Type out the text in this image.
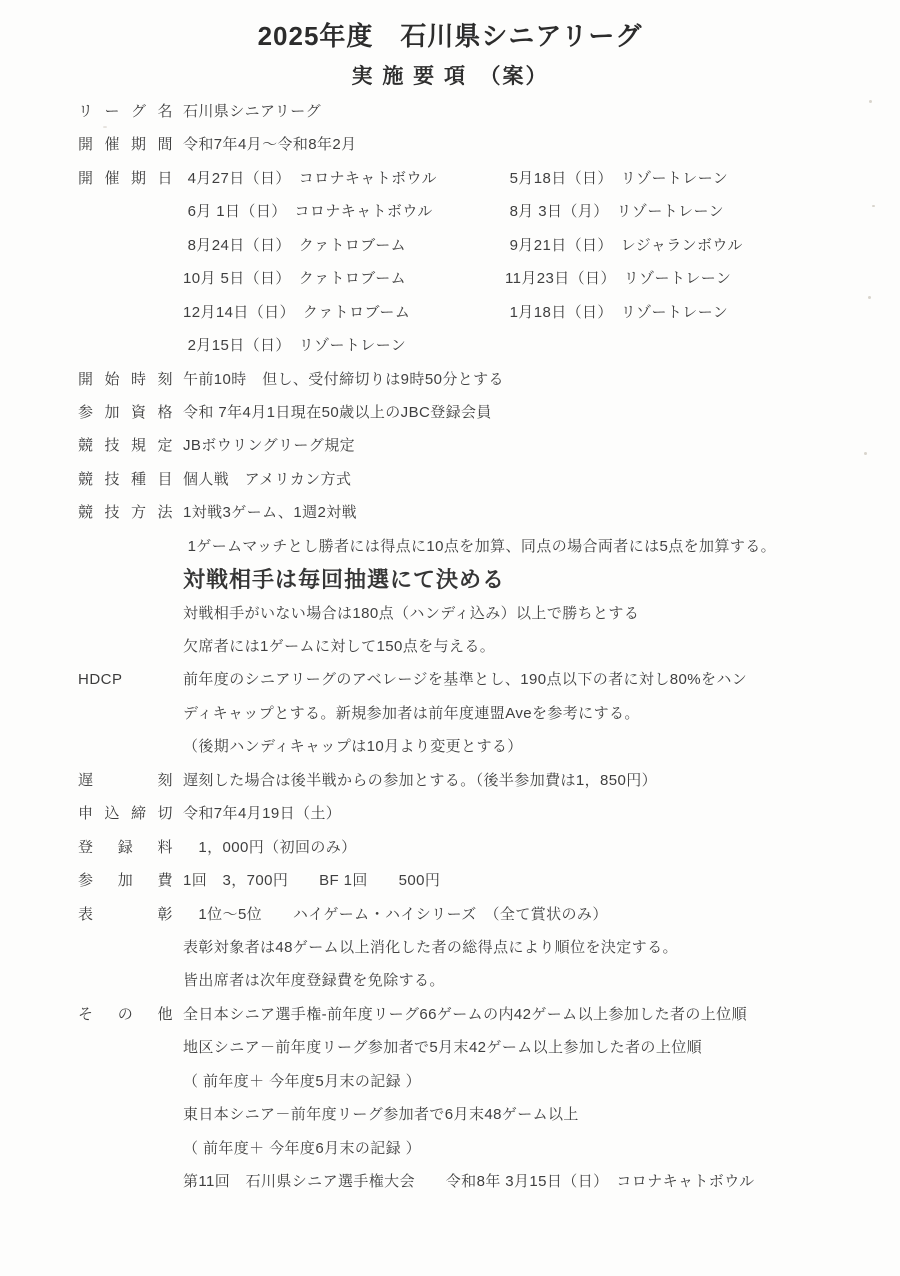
2025年度　石川県シニアリーグ
実 施 要 項　（案）
リーグ名 石川県シニアリーグ
開催期間 令和7年4月～令和8年2月
開催期日 4月27日（日）　コロナキャトボウル	5月18日（日）　リゾートレーン
6月 1日（日）　コロナキャトボウル	8月 3日（月）　リゾートレーン
8月24日（日）　クァトロブーム	9月21日（日）　レジャランボウル
10月 5日（日）　クァトロブーム	11月23日（日）　リゾートレーン
12月14日（日）　クァトロブーム	1月18日（日）　リゾートレーン
2月15日（日）　リゾートレーン
開始時刻 午前10時　但し、受付締切りは9時50分とする
参加資格 令和 7年4月1日現在50歳以上のJBC登録会員
競技規定 JBボウリングリーグ規定
競技種目 個人戦　アメリカン方式
競技方法 1対戦3ゲーム、1週2対戦
1ゲームマッチとし勝者には得点に10点を加算、同点の場合両者には5点を加算する。
対戦相手は毎回抽選にて決める
対戦相手がいない場合は180点（ハンディ込み）以上で勝ちとする
欠席者には1ゲームに対して150点を与える。
HDCP	前年度のシニアリーグのアベレージを基準とし、190点以下の者に対し80%をハン
ディキャップとする。新規参加者は前年度連盟Aveを参考にする。
（後期ハンディキャップは10月より変更とする）
遅刻 遅刻した場合は後半戦からの参加とする。（後半参加費は1，850円）
申込締切 令和7年4月19日（土）
登録料 　1，000円（初回のみ）
参加費 1回　3，700円　　BF 1回　　500円
表彰 　1位～5位　　ハイゲーム・ハイシリーズ　（全て賞状のみ）
表彰対象者は48ゲーム以上消化した者の総得点により順位を決定する。
皆出席者は次年度登録費を免除する。
その他 全日本シニア選手権-前年度リーグ66ゲームの内42ゲーム以上参加した者の上位順
地区シニア－前年度リーグ参加者で5月末42ゲーム以上参加した者の上位順
（ 前年度＋ 今年度5月末の記録 ）
東日本シニア－前年度リーグ参加者で6月末48ゲーム以上
（ 前年度＋ 今年度6月末の記録 ）
第11回　石川県シニア選手権大会　　令和8年 3月15日（日）　コロナキャトボウル
